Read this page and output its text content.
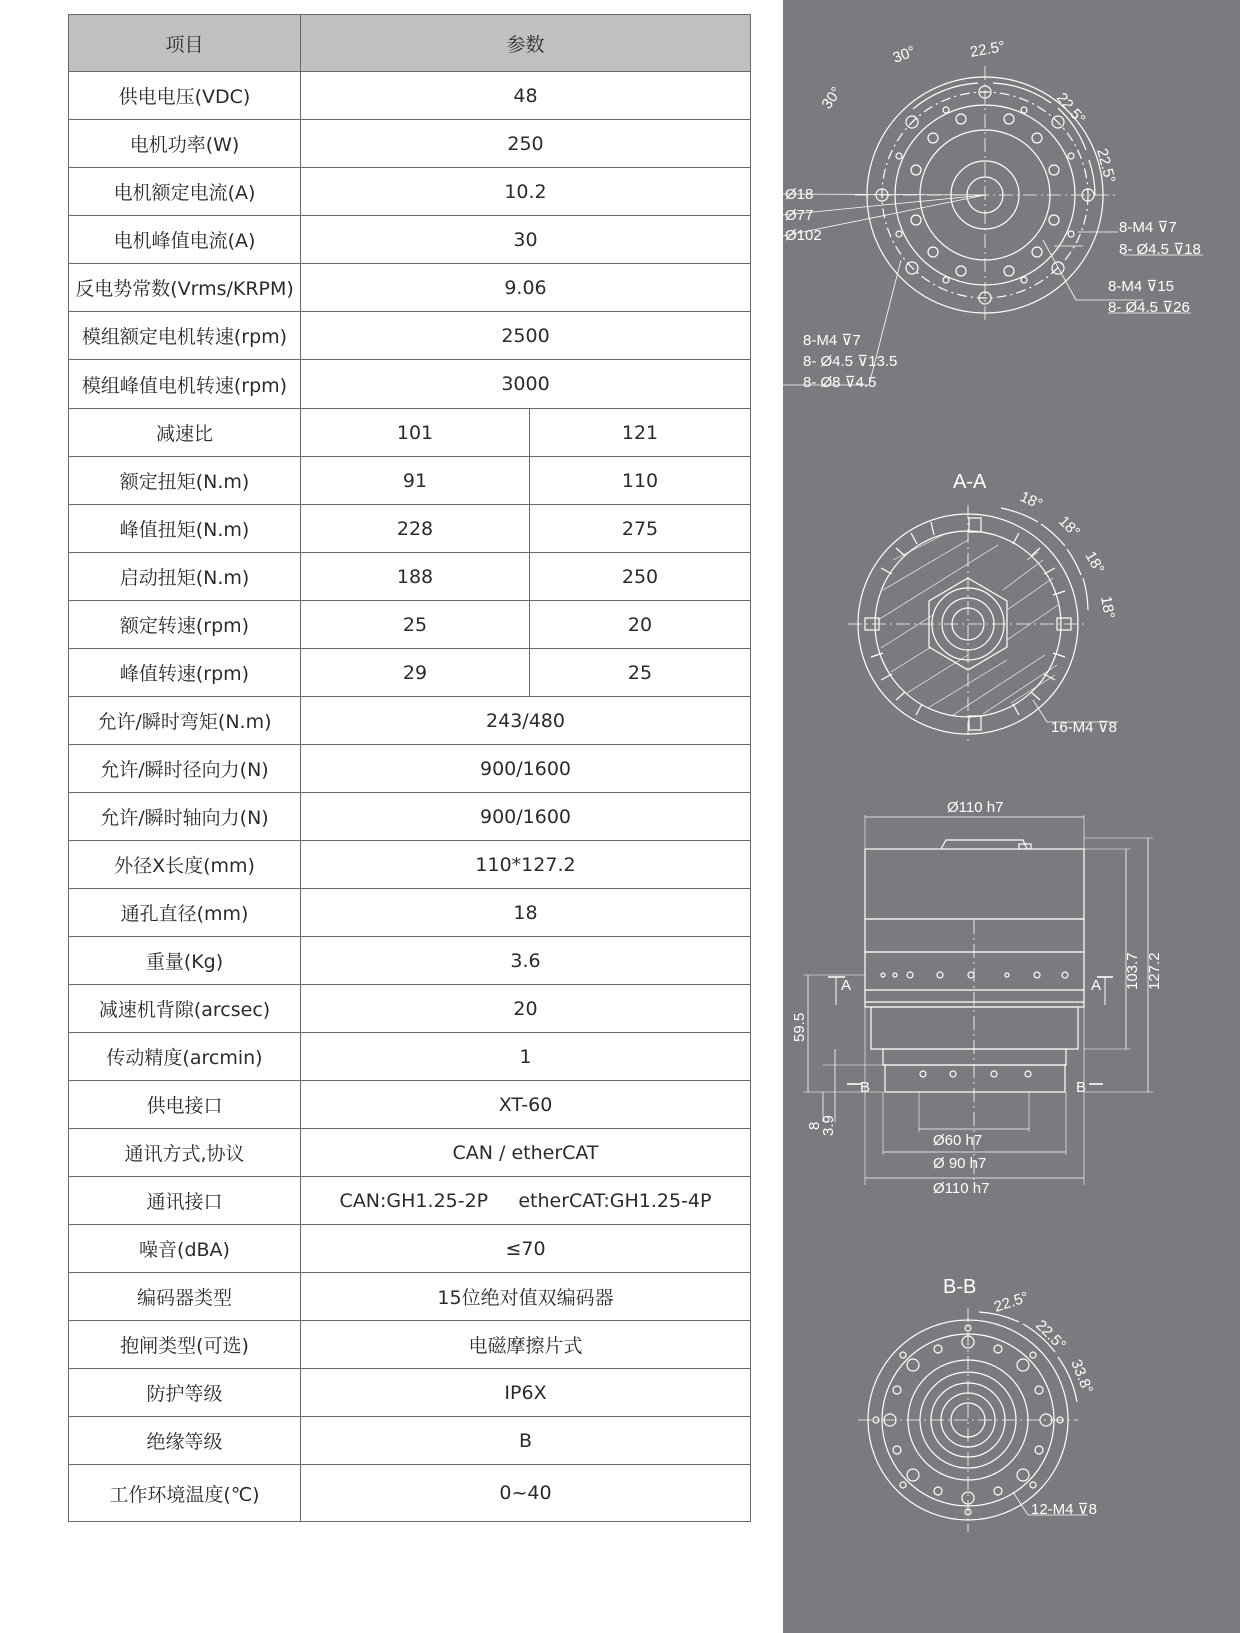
项目	参数	
供电电压(VDC)	48	
电机功率(W)	250	
电机额定电流(A)	10.2	
电机峰值电流(A)	30	
反电势常数(Vrms/KRPM)	9.06	
模组额定电机转速(rpm)	2500	
模组峰值电机转速(rpm)	3000	
减速比	101	121
额定扭矩(N.m)	91	110
峰值扭矩(N.m)	228	275
启动扭矩(N.m)	188	250
额定转速(rpm)	25	20
峰值转速(rpm)	29	25
允许/瞬时弯矩(N.m)	243/480	
允许/瞬时径向力(N)	900/1600	
允许/瞬时轴向力(N)	900/1600	
外径X长度(mm)	110*127.2	
通孔直径(mm)	18	
重量(Kg)	3.6	
减速机背隙(arcsec)	20	
传动精度(arcmin)	1	
供电接口	XT-60	
通讯方式,协议	CAN / etherCAT	
通讯接口	CAN:GH1.25-2P     etherCAT:GH1.25-4P	
噪音(dBA)	≤70	
编码器类型	15位绝对值双编码器	
抱闸类型(可选)	电磁摩擦片式	
防护等级	IP6X	
绝缘等级	B	
工作环境温度(℃)	0~40	
30°	22.5°
30°	22.5°
22.5°
Ø18
Ø77
Ø102	8-M4 ⊽7
8- Ø4.5 ⊽18
8-M4 ⊽15
8- Ø4.5 ⊽26
8-M4 ⊽7
8- Ø4.5 ⊽13.5
8- Ø8 ⊽4.5
A-A
18°
18°
18°
18°
16-M4 ⊽8
Ø110 h7
103.7 127.2
59.5
8
3.9
Ø60 h7
Ø 90 h7
Ø110 h7
A	A
B	B
B-B
22.5°
22.5°
33.8°
12-M4 ⊽8
